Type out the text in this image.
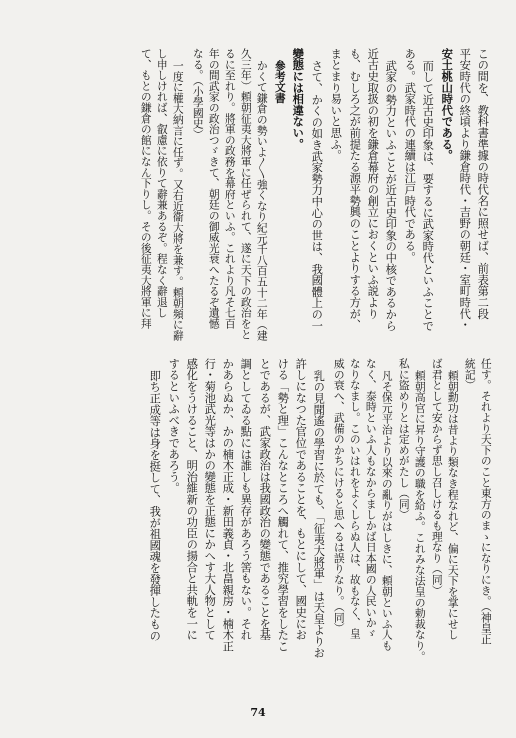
この間を、教科書準據の時代名に照せば、前表第二段
平安時代の終頃より鎌倉時代・吉野の朝廷・室町時代・
安土桃山時代である。
而して近古史印象は、要するに武家時代といふことで
ある。武家時代の連續は江戸時代である。
武家の勢力といふことが近古史印象の中核であるから
近古史取扱の初を鎌倉幕府の創立におくといふ説より
も、むしろ之が前提たる源平勢興のことよりする方が、
まとまり易いと思ふ。
さて、かくの如き武家勢力中心の世は、我國體上の一
變態には相違ない。
參考文書
かくて鎌倉の勢いよ〳〵強くなり紀元千八百五十二年（建
久三年）頼朝征夷大將軍に任ぜられて、遂に天下の政治をと
るに至れり。將軍の政務を幕府といふ。これより凡そ七百
年の間武家の政治つゞきて、朝廷の御威光衰へたるぞ遺憾
なる。（小學國史）
一度に權大納言に任ず。又右近衞大將を兼す。頼朝頻に辭
し申しければ、叡慮に依りて辭兼あるぞ。程なく辭退し
て、もとの鎌倉の館になん下りし。その後征夷大將軍に拜
任す。それより天下のこと東方のまゝになりにき。（神皇正
統記）
頼朝勳功は昔より類なき程なれど、偏に天下を掌にせし
ば君として安からず思し召しけるも理なり（同）
頼朝高官に昇り守護の職を給ふ。これみな法皇の勅裁なり。
私に盜めりとは定めがたし（同）
凡そ保元平治より以來の亂りがはしきに、頼朝といふ人も
なく、泰時といふ人もなからましかば日本國の人民いかゞ
なりなまし。このいはれをよくしらぬ人は、故もなく、皇
威の衰へ、武備のかちにけると思へるは誤りなり。（同）
乳の見聞遙の學習に於ても、「征夷大將軍」は天皇よりお
許しになつた官位であることを、もとにして、國史にお
ける「勢と理」こんなところへ觸れて、推究學習をしたこ
とであるが、武家政治は我國政治の變態であることを基
調としてゐる點には誰しも異存があろう筈もない。それ
かあらぬか、かの楠木正成・新田義貞・北畠親房・楠木正
行・菊池武光等はかの變態を正態にかへす大人物として
感化をうけること、明治維新の功臣の揚合と共軌を一に
するといふべきであろう。
即ち正成等は身を挺して、我が祖國魂を發揮したもの
74
